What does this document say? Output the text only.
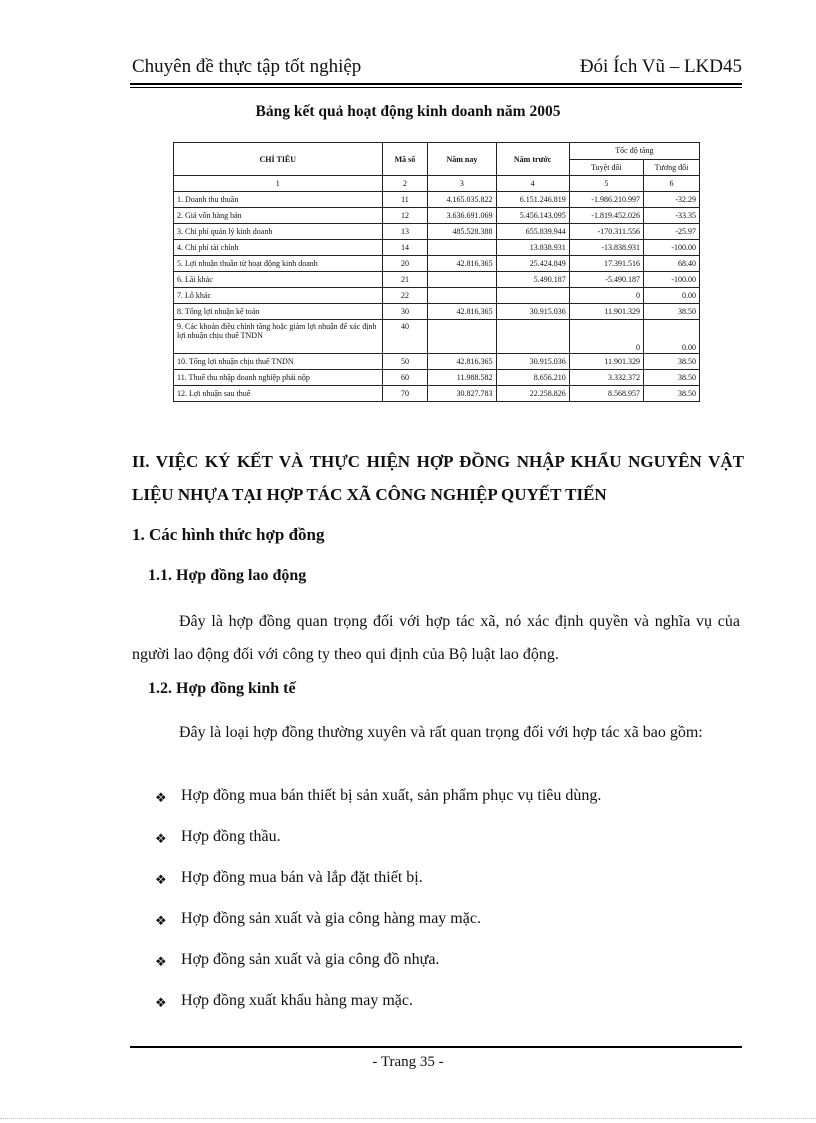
Chuyên đề thực tập tốt nghiệp	Đói Ích Vũ – LKD45
Bảng kết quả hoạt động kinh doanh năm 2005
CHỈ TIÊU	Mã số	Năm nay	Năm trước	Tốc độ tăng	
				Tuyệt đối	Tương đối
1	2	3	4	5	6
1. Doanh thu thuần	11	4.165.035.822	6.151.246.819	-1.986.210.997	-32.29
2. Giá vốn hàng bán	12	3.636.691.069	5.456.143.095	-1.819.452.026	-33.35
3. Chi phí quản lý kinh doanh	13	485.528.388	655.839.944	-170.311.556	-25.97
4. Chi phí tài chính	14		13.838.931	-13.838.931	-100.00
5. Lợi nhuận thuần từ hoạt động kinh doanh	20	42.816.365	25.424.849	17.391.516	68.40
6. Lãi khác	21		5.490.187	-5.490.187	-100.00
7. Lỗ khác	22			0	0.00
8. Tổng lợi nhuận kế toán	30	42.816.365	30.915.036	11.901.329	38.50
9. Các khoản điều chỉnh tăng hoặc giảm lợi nhuận để xác định lợi nhuận chịu thuế TNDN	40			0	0.00
10. Tổng lợi nhuận chịu thuế TNDN	50	42.816.365	30.915.036	11.901.329	38.50
11. Thuế thu nhập doanh nghiệp phải nộp	60	11.988.582	8.656.210	3.332.372	38.50
12. Lợi nhuận sau thuế	70	30.827.783	22.258.826	8.568.957	38.50
II. VIỆC KÝ KẾT VÀ THỰC HIỆN HỢP ĐỒNG NHẬP KHẨU NGUYÊN VẬT LIỆU NHỰA TẠI HỢP TÁC XÃ CÔNG NGHIỆP QUYẾT TIẾN
1. Các hình thức hợp đồng
1.1. Hợp đồng lao động
Đây là hợp đồng quan trọng đối với hợp tác xã, nó xác định quyền và nghĩa vụ của người lao động đối với công ty theo qui định của Bộ luật lao động.
1.2. Hợp đồng kinh tế
Đây là loại hợp đồng thường xuyên và rất quan trọng đối với hợp tác xã bao gồm:
❖ Hợp đồng mua bán thiết bị sản xuất, sản phẩm phục vụ tiêu dùng.
❖ Hợp đồng thầu.
❖ Hợp đồng mua bán và lắp đặt thiết bị.
❖ Hợp đồng sản xuất và gia công hàng may mặc.
❖ Hợp đồng sản xuất và gia công đồ nhựa.
❖ Hợp đồng xuất khẩu hàng may mặc.
- Trang 35 -
